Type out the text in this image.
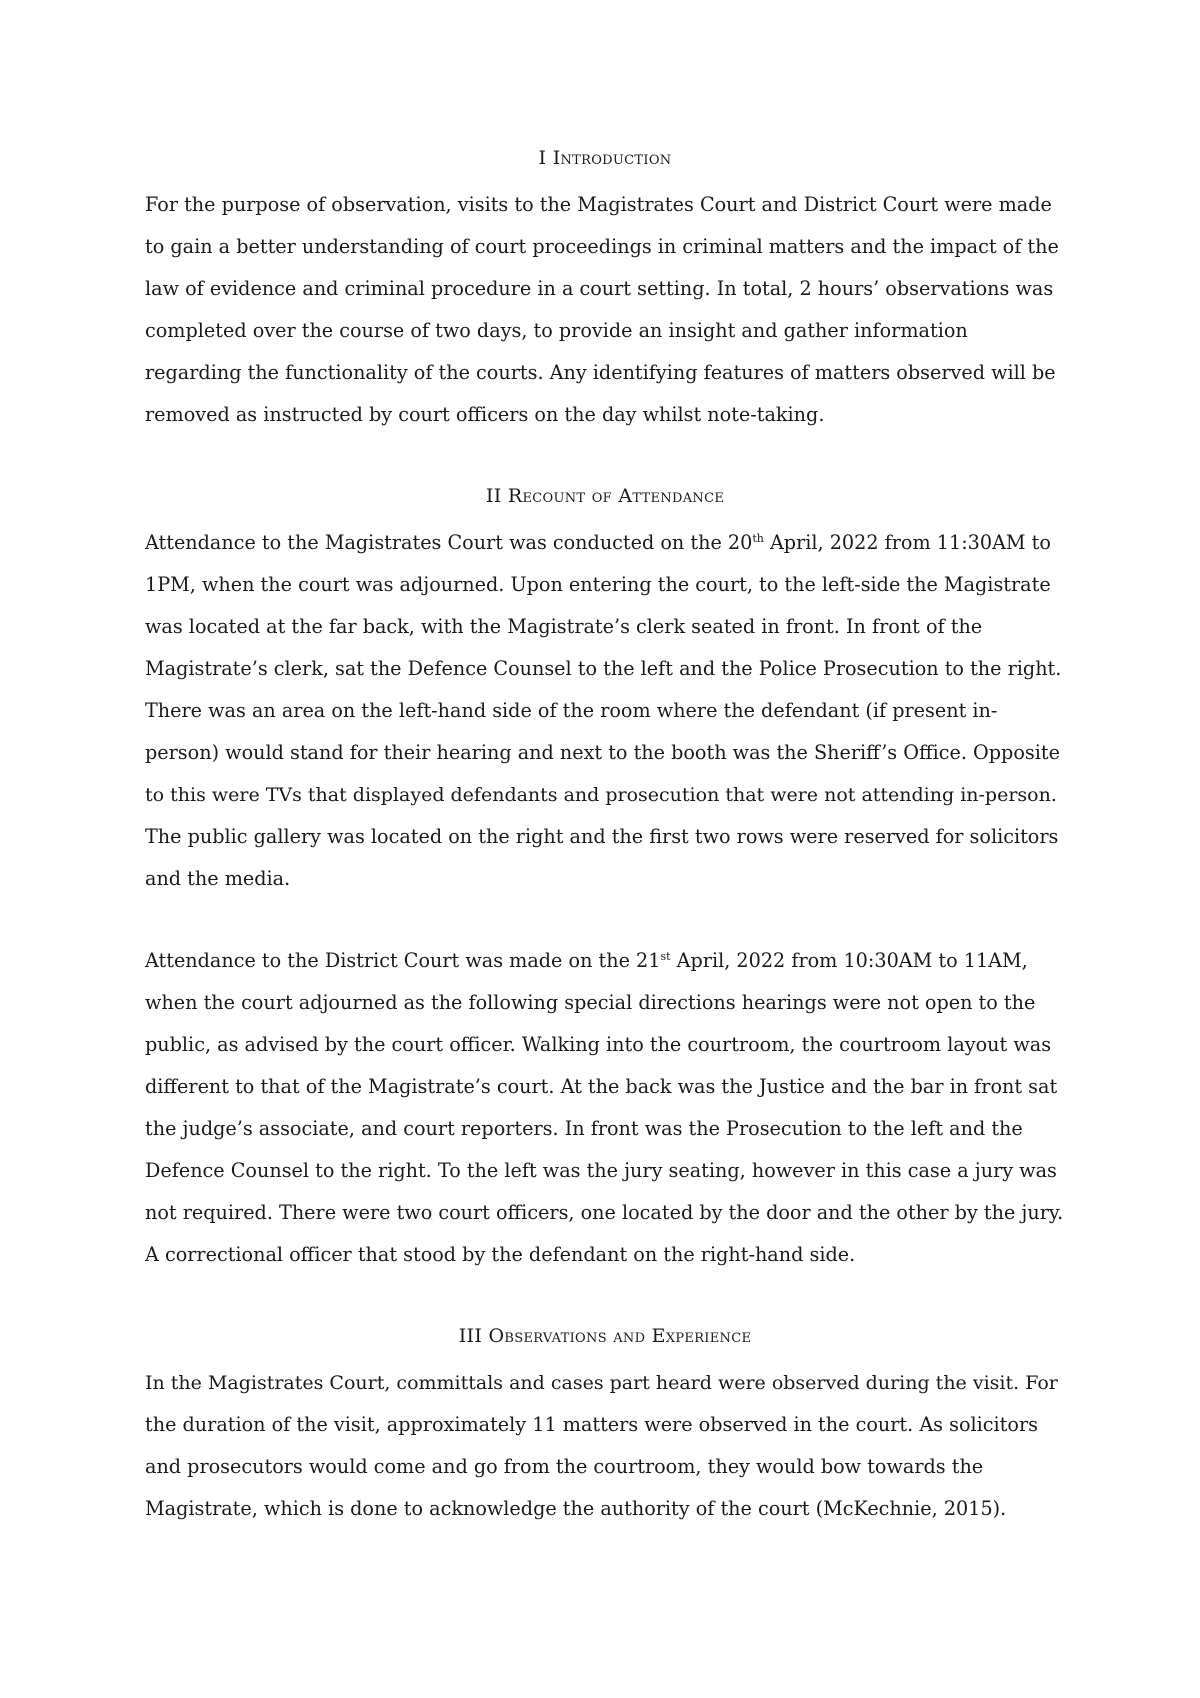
I Introduction

For the purpose of observation, visits to the Magistrates Court and District Court were made
to gain a better understanding of court proceedings in criminal matters and the impact of the
law of evidence and criminal procedure in a court setting. In total, 2 hours’ observations was
completed over the course of two days, to provide an insight and gather information
regarding the functionality of the courts. Any identifying features of matters observed will be
removed as instructed by court officers on the day whilst note-taking.

II Recount of Attendance

Attendance to the Magistrates Court was conducted on the 20th April, 2022 from 11:30AM to
1PM, when the court was adjourned. Upon entering the court, to the left-side the Magistrate
was located at the far back, with the Magistrate’s clerk seated in front. In front of the
Magistrate’s clerk, sat the Defence Counsel to the left and the Police Prosecution to the right.
There was an area on the left-hand side of the room where the defendant (if present in-
person) would stand for their hearing and next to the booth was the Sheriff’s Office. Opposite
to this were TVs that displayed defendants and prosecution that were not attending in-person.
The public gallery was located on the right and the first two rows were reserved for solicitors
and the media.

Attendance to the District Court was made on the 21st April, 2022 from 10:30AM to 11AM,
when the court adjourned as the following special directions hearings were not open to the
public, as advised by the court officer. Walking into the courtroom, the courtroom layout was
different to that of the Magistrate’s court. At the back was the Justice and the bar in front sat
the judge’s associate, and court reporters. In front was the Prosecution to the left and the
Defence Counsel to the right. To the left was the jury seating, however in this case a jury was
not required. There were two court officers, one located by the door and the other by the jury.
A correctional officer that stood by the defendant on the right-hand side.

III Observations and Experience

In the Magistrates Court, committals and cases part heard were observed during the visit. For
the duration of the visit, approximately 11 matters were observed in the court. As solicitors
and prosecutors would come and go from the courtroom, they would bow towards the
Magistrate, which is done to acknowledge the authority of the court (McKechnie, 2015).
